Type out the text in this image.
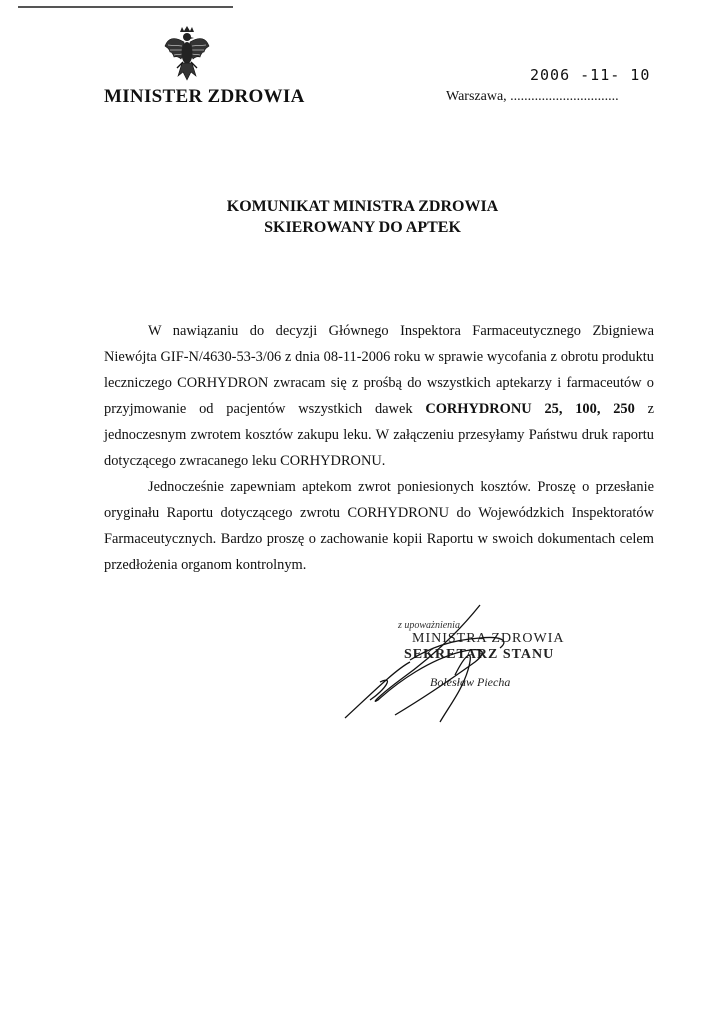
MINISTER ZDROWIA
2006 -11- 10
Warszawa, ...............................
KOMUNIKAT MINISTRA ZDROWIA
SKIEROWANY DO APTEK

W nawiązaniu do decyzji Głównego Inspektora Farmaceutycznego Zbigniewa Niewójta GIF-N/4630-53-3/06 z dnia 08-11-2006 roku w sprawie wycofania z obrotu produktu leczniczego CORHYDRON zwracam się z prośbą do wszystkich aptekarzy i farmaceutów o przyjmowanie od pacjentów wszystkich dawek CORHYDRONU 25, 100, 250 z jednoczesnym zwrotem kosztów zakupu leku. W załączeniu przesyłamy Państwu druk raportu dotyczącego zwracanego leku CORHYDRONU.

Jednocześnie zapewniam aptekom zwrot poniesionych kosztów. Proszę o przesłanie oryginału Raportu dotyczącego zwrotu CORHYDRONU do Wojewódzkich Inspektoratów Farmaceutycznych. Bardzo proszę o zachowanie kopii Raportu w swoich dokumentach celem przedłożenia organom kontrolnym.

z upoważnienia
MINISTRA ZDROWIA
SEKRETARZ STANU
Bolesław Piecha
